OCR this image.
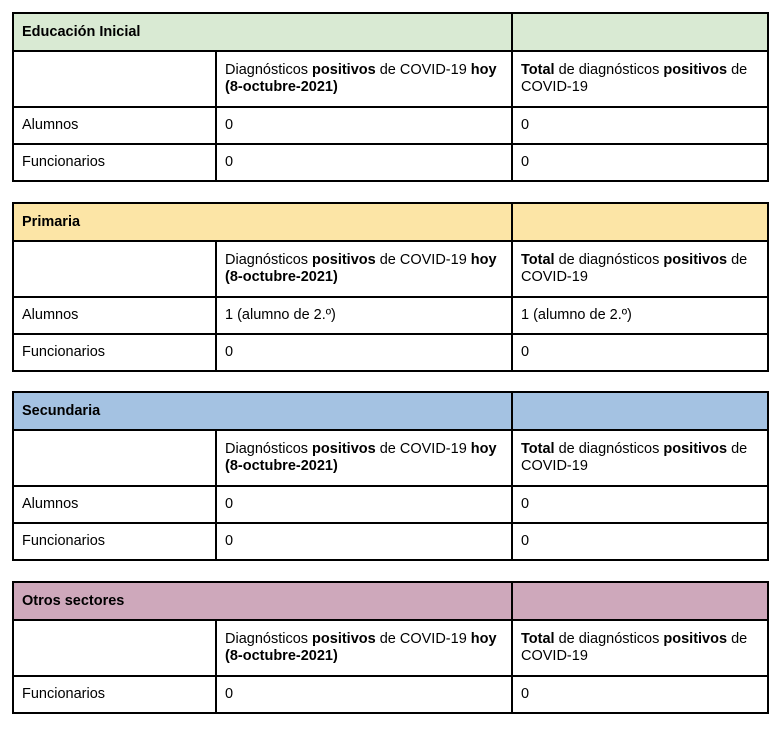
Educación Inicial		
	Diagnósticos positivos de COVID-19 hoy (8-octubre-2021)	Total de diagnósticos positivos de COVID-19
Alumnos	0	0
Funcionarios	0	0
Primaria		
	Diagnósticos positivos de COVID-19 hoy (8-octubre-2021)	Total de diagnósticos positivos de COVID-19
Alumnos	1 (alumno de 2.º)	1 (alumno de 2.º)
Funcionarios	0	0
Secundaria		
	Diagnósticos positivos de COVID-19 hoy (8-octubre-2021)	Total de diagnósticos positivos de COVID-19
Alumnos	0	0
Funcionarios	0	0
Otros sectores		
	Diagnósticos positivos de COVID-19 hoy (8-octubre-2021)	Total de diagnósticos positivos de COVID-19
Funcionarios	0	0
